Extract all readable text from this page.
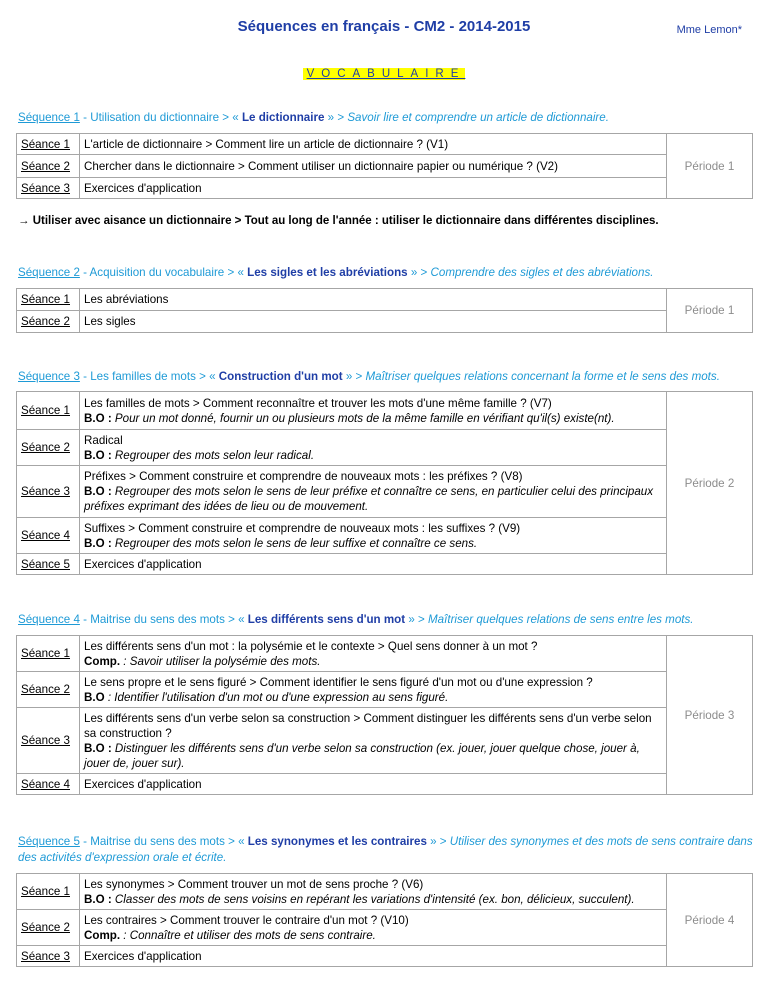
Séquences en français - CM2 - 2014-2015	Mme Lemon*
VOCABULAIRE
Séquence 1 - Utilisation du dictionnaire > « Le dictionnaire » > Savoir lire et comprendre un article de dictionnaire.
Séance 1	L'article de dictionnaire > Comment lire un article de dictionnaire ? (V1)	Période 1
Séance 2	Chercher dans le dictionnaire > Comment utiliser un dictionnaire papier ou numérique ? (V2)	
Séance 3	Exercices d'application	
→ Utiliser avec aisance un dictionnaire > Tout au long de l'année : utiliser le dictionnaire dans différentes disciplines.
Séquence 2 - Acquisition du vocabulaire > « Les sigles et les abréviations » > Comprendre des sigles et des abréviations.
Séance 1	Les abréviations	Période 1
Séance 2	Les sigles	
Séquence 3 - Les familles de mots > « Construction d'un mot » > Maîtriser quelques relations concernant la forme et le sens des mots.
Séance 1	Les familles de mots > Comment reconnaître et trouver les mots d'une même famille ? (V7)
B.O : Pour un mot donné, fournir un ou plusieurs mots de la même famille en vérifiant qu'il(s) existe(nt).	Période 2
Séance 2	Radical
B.O : Regrouper des mots selon leur radical.	
Séance 3	Préfixes > Comment construire et comprendre de nouveaux mots : les préfixes ? (V8)
B.O : Regrouper des mots selon le sens de leur préfixe et connaître ce sens, en particulier celui des principaux préfixes exprimant des idées de lieu ou de mouvement.	
Séance 4	Suffixes > Comment construire et comprendre de nouveaux mots : les suffixes ? (V9)
B.O : Regrouper des mots selon le sens de leur suffixe et connaître ce sens.	
Séance 5	Exercices d'application	
Séquence 4 - Maitrise du sens des mots > « Les différents sens d'un mot » > Maîtriser quelques relations de sens entre les mots.
Séance 1	Les différents sens d'un mot : la polysémie et le contexte > Quel sens donner à un mot ?
Comp. : Savoir utiliser la polysémie des mots.	Période 3
Séance 2	Le sens propre et le sens figuré > Comment identifier le sens figuré d'un mot ou d'une expression ?
B.O : Identifier l'utilisation d'un mot ou d'une expression au sens figuré.	
Séance 3	Les différents sens d'un verbe selon sa construction > Comment distinguer les différents sens d'un verbe selon sa construction ?
B.O : Distinguer les différents sens d'un verbe selon sa construction (ex. jouer, jouer quelque chose, jouer à, jouer de, jouer sur).	
Séance 4	Exercices d'application	
Séquence 5 - Maitrise du sens des mots > « Les synonymes et les contraires » > Utiliser des synonymes et des mots de sens contraire dans des activités d'expression orale et écrite.
Séance 1	Les synonymes > Comment trouver un mot de sens proche ? (V6)
B.O : Classer des mots de sens voisins en repérant les variations d'intensité (ex. bon, délicieux, succulent).	Période 4
Séance 2	Les contraires > Comment trouver le contraire d'un mot ? (V10)
Comp. : Connaître et utiliser des mots de sens contraire.	
Séance 3	Exercices d'application	
